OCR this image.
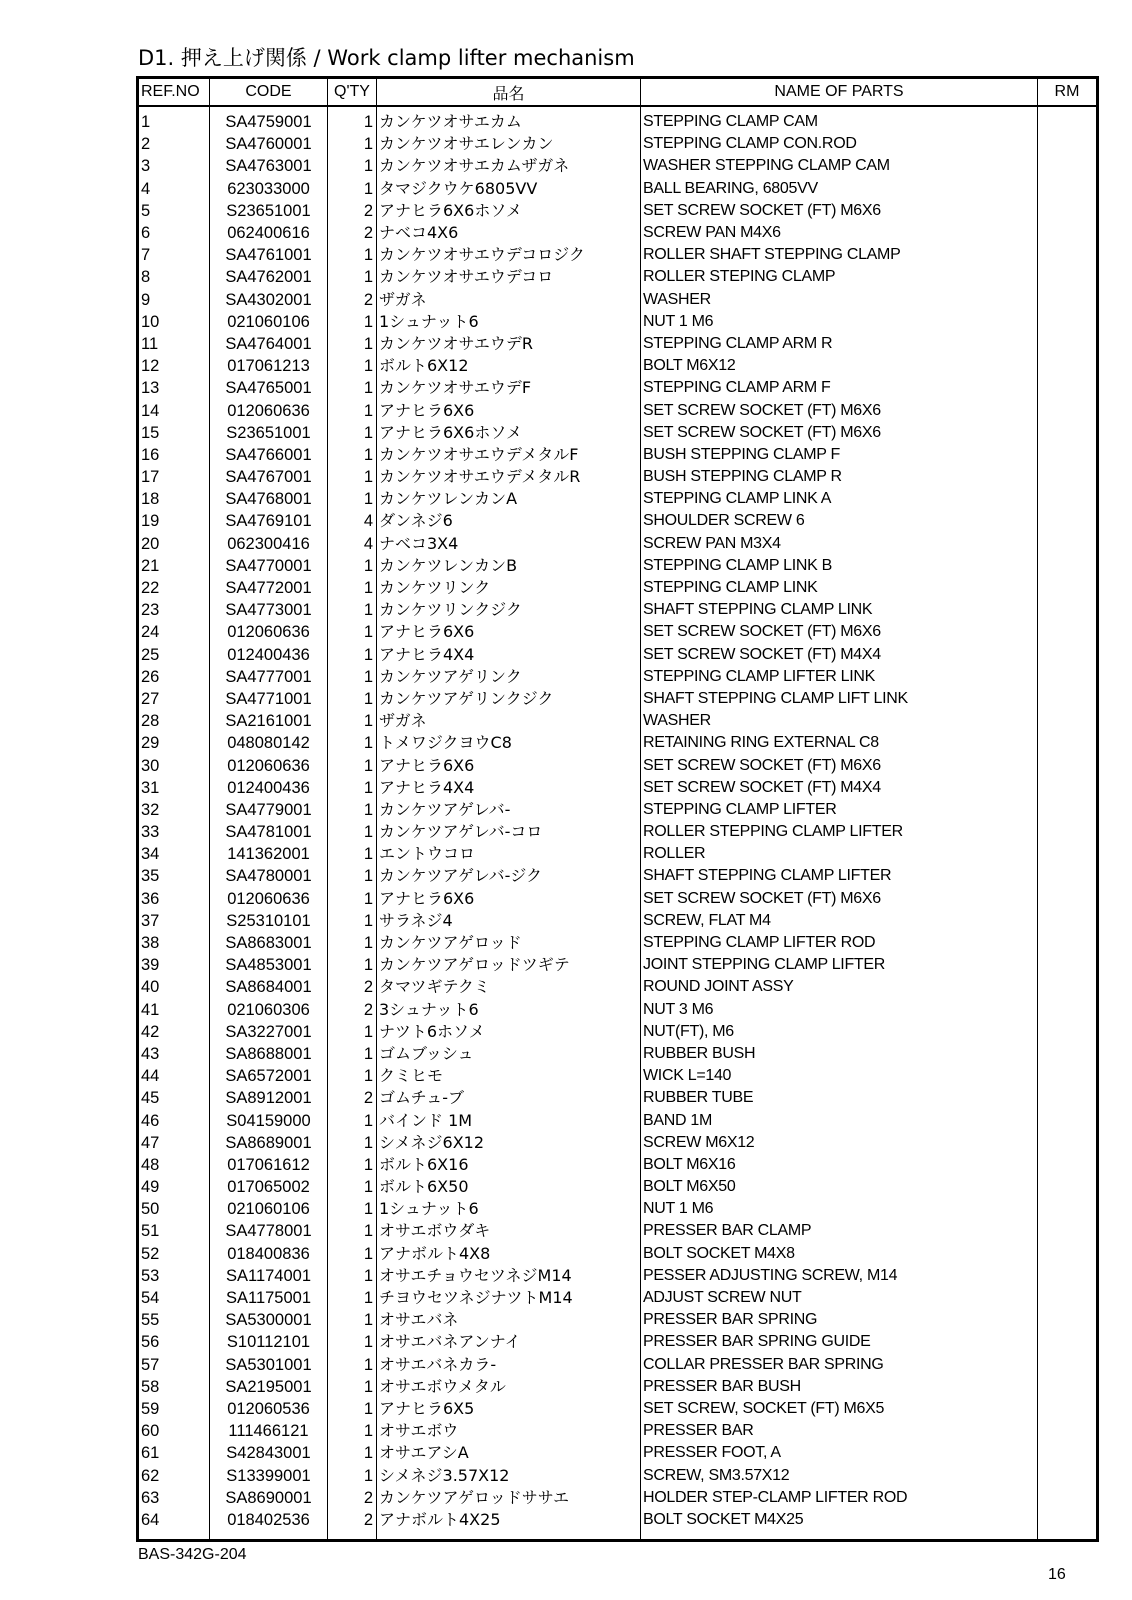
D1. 押え上げ関係 / Work clamp lifter mechanism
REF.NO	CODE	Q'TY	品名	NAME OF PARTS	RM
1	SA4759001	1	カンケツオサエカム	STEPPING CLAMP CAM	
2	SA4760001	1	カンケツオサエレンカン	STEPPING CLAMP CON.ROD	
3	SA4763001	1	カンケツオサエカムザガネ	WASHER STEPPING CLAMP CAM	
4	623033000	1	タマジクウケ6805VV	BALL BEARING, 6805VV	
5	S23651001	2	アナヒラ6X6ホソメ	SET SCREW SOCKET (FT) M6X6	
6	062400616	2	ナベコ4X6	SCREW PAN M4X6	
7	SA4761001	1	カンケツオサエウデコロジク	ROLLER SHAFT STEPPING CLAMP	
8	SA4762001	1	カンケツオサエウデコロ	ROLLER STEPING CLAMP	
9	SA4302001	2	ザガネ	WASHER	
10	021060106	1	1シュナット6	NUT 1 M6	
11	SA4764001	1	カンケツオサエウデR	STEPPING CLAMP ARM R	
12	017061213	1	ボルト6X12	BOLT M6X12	
13	SA4765001	1	カンケツオサエウデF	STEPPING CLAMP ARM F	
14	012060636	1	アナヒラ6X6	SET SCREW SOCKET (FT) M6X6	
15	S23651001	1	アナヒラ6X6ホソメ	SET SCREW SOCKET (FT) M6X6	
16	SA4766001	1	カンケツオサエウデメタルF	BUSH STEPPING CLAMP F	
17	SA4767001	1	カンケツオサエウデメタルR	BUSH STEPPING CLAMP R	
18	SA4768001	1	カンケツレンカンA	STEPPING CLAMP LINK A	
19	SA4769101	4	ダンネジ6	SHOULDER SCREW 6	
20	062300416	4	ナベコ3X4	SCREW PAN M3X4	
21	SA4770001	1	カンケツレンカンB	STEPPING CLAMP LINK B	
22	SA4772001	1	カンケツリンク	STEPPING CLAMP LINK	
23	SA4773001	1	カンケツリンクジク	SHAFT STEPPING CLAMP LINK	
24	012060636	1	アナヒラ6X6	SET SCREW SOCKET (FT) M6X6	
25	012400436	1	アナヒラ4X4	SET SCREW SOCKET (FT) M4X4	
26	SA4777001	1	カンケツアゲリンク	STEPPING CLAMP LIFTER LINK	
27	SA4771001	1	カンケツアゲリンクジク	SHAFT STEPPING CLAMP LIFT LINK	
28	SA2161001	1	ザガネ	WASHER	
29	048080142	1	トメワジクヨウC8	RETAINING RING EXTERNAL C8	
30	012060636	1	アナヒラ6X6	SET SCREW SOCKET (FT) M6X6	
31	012400436	1	アナヒラ4X4	SET SCREW SOCKET (FT) M4X4	
32	SA4779001	1	カンケツアゲレバ-	STEPPING CLAMP LIFTER	
33	SA4781001	1	カンケツアゲレバ-コロ	ROLLER STEPPING CLAMP LIFTER	
34	141362001	1	エントウコロ	ROLLER	
35	SA4780001	1	カンケツアゲレバ-ジク	SHAFT STEPPING CLAMP LIFTER	
36	012060636	1	アナヒラ6X6	SET SCREW SOCKET (FT) M6X6	
37	S25310101	1	サラネジ4	SCREW, FLAT M4	
38	SA8683001	1	カンケツアゲロッド	STEPPING CLAMP LIFTER ROD	
39	SA4853001	1	カンケツアゲロッドツギテ	JOINT STEPPING CLAMP LIFTER	
40	SA8684001	2	タマツギテクミ	ROUND JOINT ASSY	
41	021060306	2	3シュナット6	NUT 3 M6	
42	SA3227001	1	ナツト6ホソメ	NUT(FT), M6	
43	SA8688001	1	ゴムブッシュ	RUBBER BUSH	
44	SA6572001	1	クミヒモ	WICK L=140	
45	SA8912001	2	ゴムチュ-ブ	RUBBER TUBE	
46	S04159000	1	バインド 1M	BAND 1M	
47	SA8689001	1	シメネジ6X12	SCREW M6X12	
48	017061612	1	ボルト6X16	BOLT M6X16	
49	017065002	1	ボルト6X50	BOLT M6X50	
50	021060106	1	1シュナット6	NUT 1 M6	
51	SA4778001	1	オサエボウダキ	PRESSER BAR CLAMP	
52	018400836	1	アナボルト4X8	BOLT SOCKET M4X8	
53	SA1174001	1	オサエチョウセツネジM14	PESSER ADJUSTING SCREW, M14	
54	SA1175001	1	チヨウセツネジナツトM14	ADJUST SCREW NUT	
55	SA5300001	1	オサエバネ	PRESSER BAR SPRING	
56	S10112101	1	オサエバネアンナイ	PRESSER BAR SPRING GUIDE	
57	SA5301001	1	オサエバネカラ-	COLLAR PRESSER BAR SPRING	
58	SA2195001	1	オサエボウメタル	PRESSER BAR BUSH	
59	012060536	1	アナヒラ6X5	SET SCREW, SOCKET (FT) M6X5	
60	111466121	1	オサエボウ	PRESSER BAR	
61	S42843001	1	オサエアシA	PRESSER FOOT, A	
62	S13399001	1	シメネジ3.57X12	SCREW, SM3.57X12	
63	SA8690001	2	カンケツアゲロッドササエ	HOLDER STEP-CLAMP LIFTER ROD	
64	018402536	2	アナボルト4X25	BOLT SOCKET M4X25	

BAS-342G-204
16
